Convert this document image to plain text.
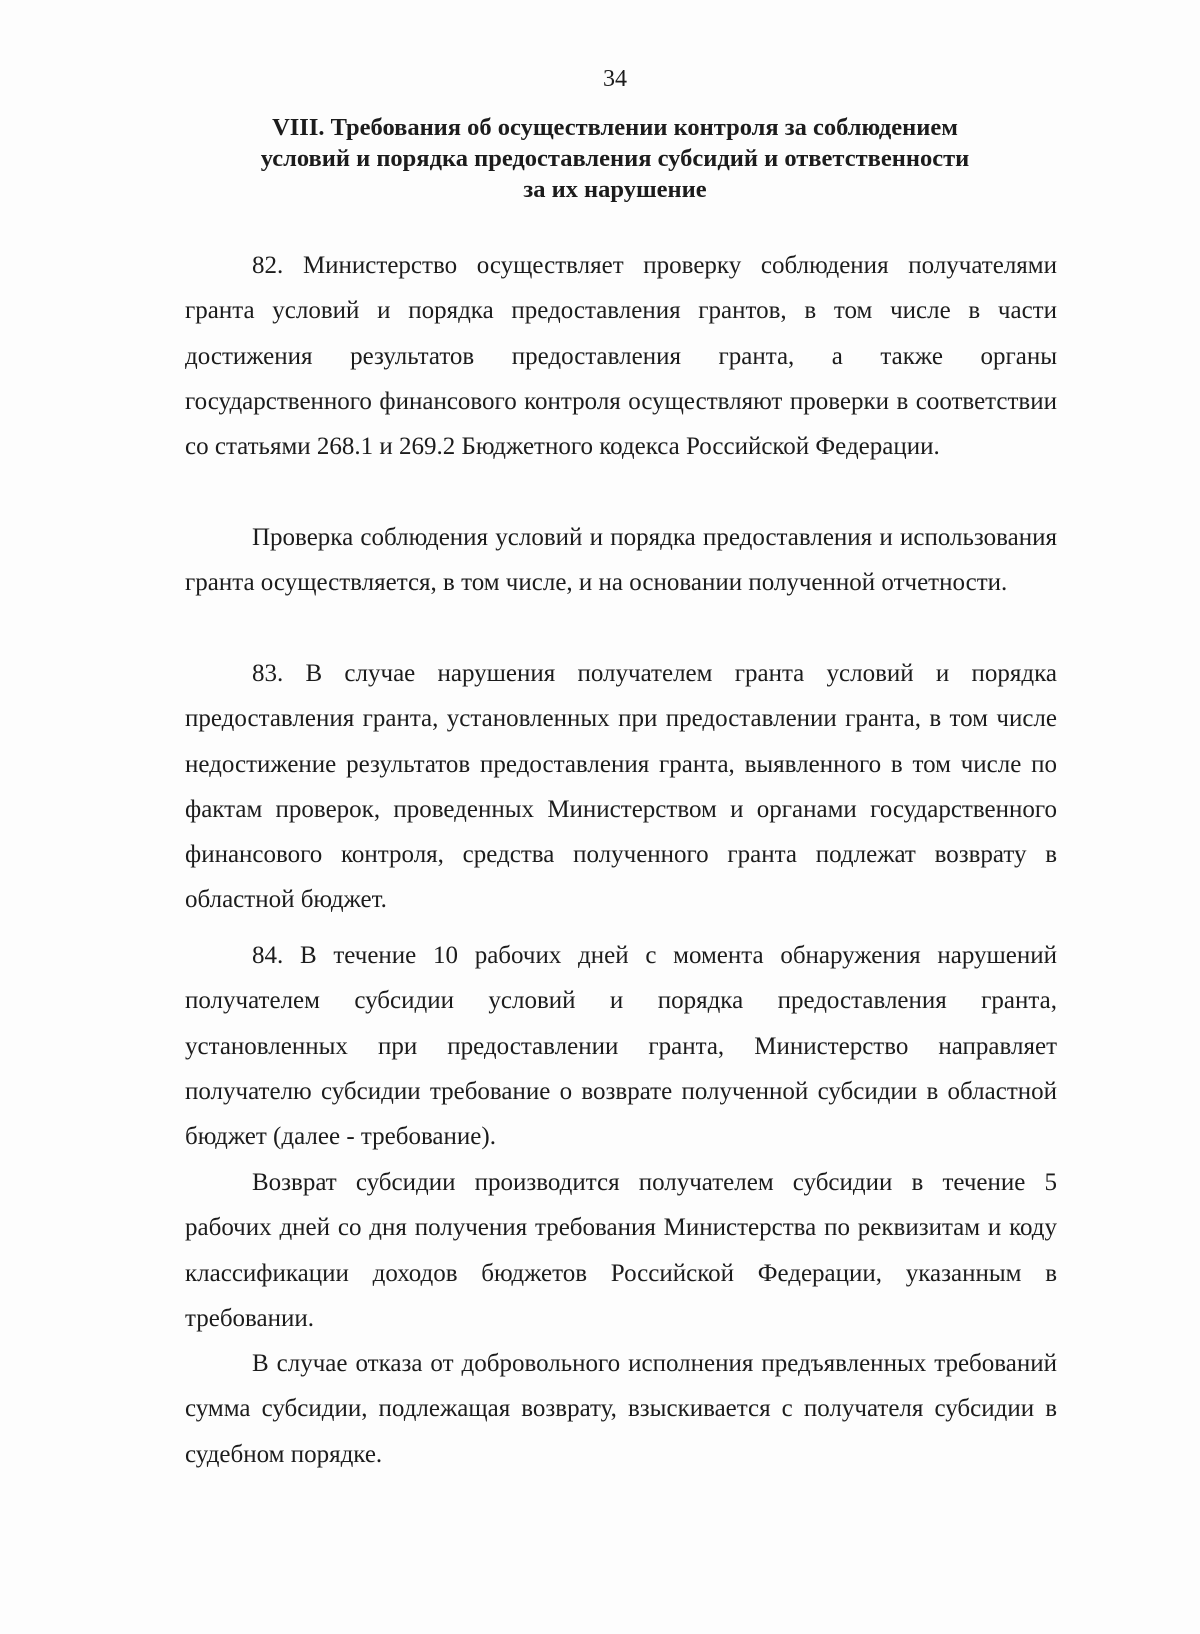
34
VIII. Требования об осуществлении контроля за соблюдением
условий и порядка предоставления субсидий и ответственности
за их нарушение

82. Министерство осуществляет проверку соблюдения получателями гранта условий и порядка предоставления грантов, в том числе в части достижения результатов предоставления гранта, а также органы государственного финансового контроля осуществляют проверки в соответствии со статьями 268.1 и 269.2 Бюджетного кодекса Российской Федерации.

Проверка соблюдения условий и порядка предоставления и использования гранта осуществляется, в том числе, и на основании полученной отчетности.

83. В случае нарушения получателем гранта условий и порядка предоставления гранта, установленных при предоставлении гранта, в том числе недостижение результатов предоставления гранта, выявленного в том числе по фактам проверок, проведенных Министерством и органами государственного финансового контроля, средства полученного гранта подлежат возврату в областной бюджет.

84. В течение 10 рабочих дней с момента обнаружения нарушений получателем субсидии условий и порядка предоставления гранта, установленных при предоставлении гранта, Министерство направляет получателю субсидии требование о возврате полученной субсидии в областной бюджет (далее - требование).

Возврат субсидии производится получателем субсидии в течение 5 рабочих дней со дня получения требования Министерства по реквизитам и коду классификации доходов бюджетов Российской Федерации, указанным в требовании.

В случае отказа от добровольного исполнения предъявленных требований сумма субсидии, подлежащая возврату, взыскивается с получателя субсидии в судебном порядке.
